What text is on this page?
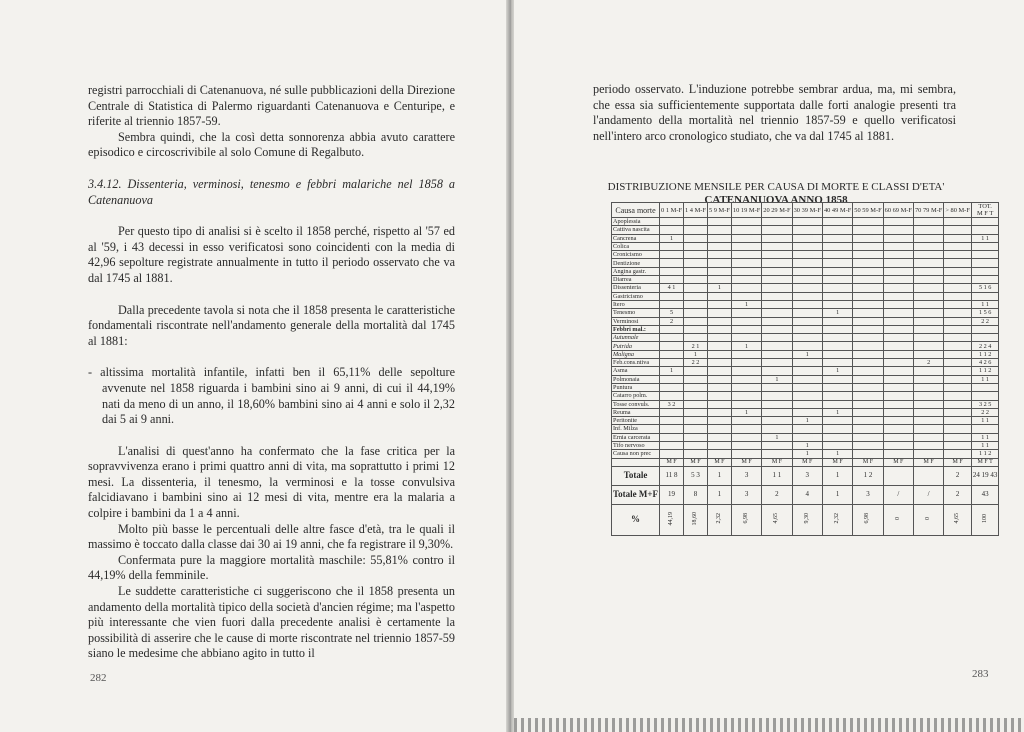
registri parrocchiali di Catenanuova, né sulle pubblicazioni della Direzione Centrale di Statistica di Palermo riguardanti Catenanuova e Centuripe, e riferite al triennio 1857-59.

Sembra quindi, che la così detta sonnorenza abbia avuto carattere episodico e circoscrivibile al solo Comune di Regalbuto.

3.4.12. Dissenteria, verminosi, tenesmo e febbri malariche nel 1858 a Catenanuova

Per questo tipo di analisi si è scelto il 1858 perché, rispetto al '57 ed al '59, i 43 decessi in esso verificatosi sono coincidenti con la media di 42,96 sepolture registrate annualmente in tutto il periodo osservato che va dal 1745 al 1881.

Dalla precedente tavola si nota che il 1858 presenta le caratteristiche fondamentali riscontrate nell'andamento generale della mortalità dal 1745 al 1881:

- altissima mortalità infantile, infatti ben il 65,11% delle sepolture avvenute nel 1858 riguarda i bambini sino ai 9 anni, di cui il 44,19% nati da meno di un anno, il 18,60% bambini sino ai 4 anni e solo il 2,32 dai 5 ai 9 anni.

L'analisi di quest'anno ha confermato che la fase critica per la sopravvivenza erano i primi quattro anni di vita, ma soprattutto i primi 12 mesi. La dissenteria, il tenesmo, la verminosi e la tosse convulsiva falcidiavano i bambini sino ai 12 mesi di vita, mentre era la malaria a colpire i bambini da 1 a 4 anni.

Molto più basse le percentuali delle altre fasce d'età, tra le quali il massimo è toccato dalla classe dai 30 ai 19 anni, che fa registrare il 9,30%.

Confermata pure la maggiore mortalità maschile: 55,81% contro il 44,19% della femminile.

Le suddette caratteristiche ci suggeriscono che il 1858 presenta un andamento della mortalità tipico della società d'ancien régime; ma l'aspetto più interessante che vien fuori dalla precedente analisi è certamente la possibilità di asserire che le cause di morte riscontrate nel triennio 1857-59 siano le medesime che abbiano agito in tutto il

282

periodo osservato. L'induzione potrebbe sembrar ardua, ma, mi sembra, che essa sia sufficientemente supportata dalle forti analogie presenti tra l'andamento della mortalità nel triennio 1857-59 e quello verificatosi nell'intero arco cronologico studiato, che va dal 1745 al 1881.

DISTRIBUZIONE MENSILE PER CAUSA DI MORTE E CLASSI D'ETA'
CATENANUOVA ANNO 1858
Causa morte	0 1 M-F	1 4 M-F	5 9 M-F	10 19 M-F	20 29 M-F	30 39 M-F	40 49 M-F	50 59 M-F	60 69 M-F	70 79 M-F	> 80 M-F	TOT.
M F T
Apoplessia												
Cattiva nascita												
Cancrena	1											1 1
Colica												
Cronicismo												
Dentizione												
Angina gastr.												
Diarrea												
Dissenteria	4 1		1									5 1 6
Gastricismo												
Itero				1								1 1
Tenesmo	5						1					1 5 6
Verminosi	2											2 2
Febbri mal.:												
Autunnale												
Putrida		2 1		1								2 2 4
Maligna		1				1						1 1 2
Feb.cons.ntiva		2 2								2		4 2 6
Asma	1						1					1 1 2
Polmonaia					1							1 1
Puntura												
Catarro polm.												
Tosse convuls.	3 2											3 2 5
Reuma				1			1					2 2
Peritonite						1						1 1
Inf. Milza												
Ernia carcerata					1							1 1
Tifo nervoso						1						1 1
Causa non prec						1	1					1 1 2
	M F	M F	M F	M F	M F	M F	M F	M F	M F	M F	M F	M F T
Totale	11 8	5 3	1	3	1 1	3	1	1 2			2	24 19 43
Totale M+F	19	8	1	3	2	4	1	3	/	/	2	43
%	44,19	18,60	2,32	6,98	4,65	9,30	2,32	6,98	0	0	4,65	100
283
